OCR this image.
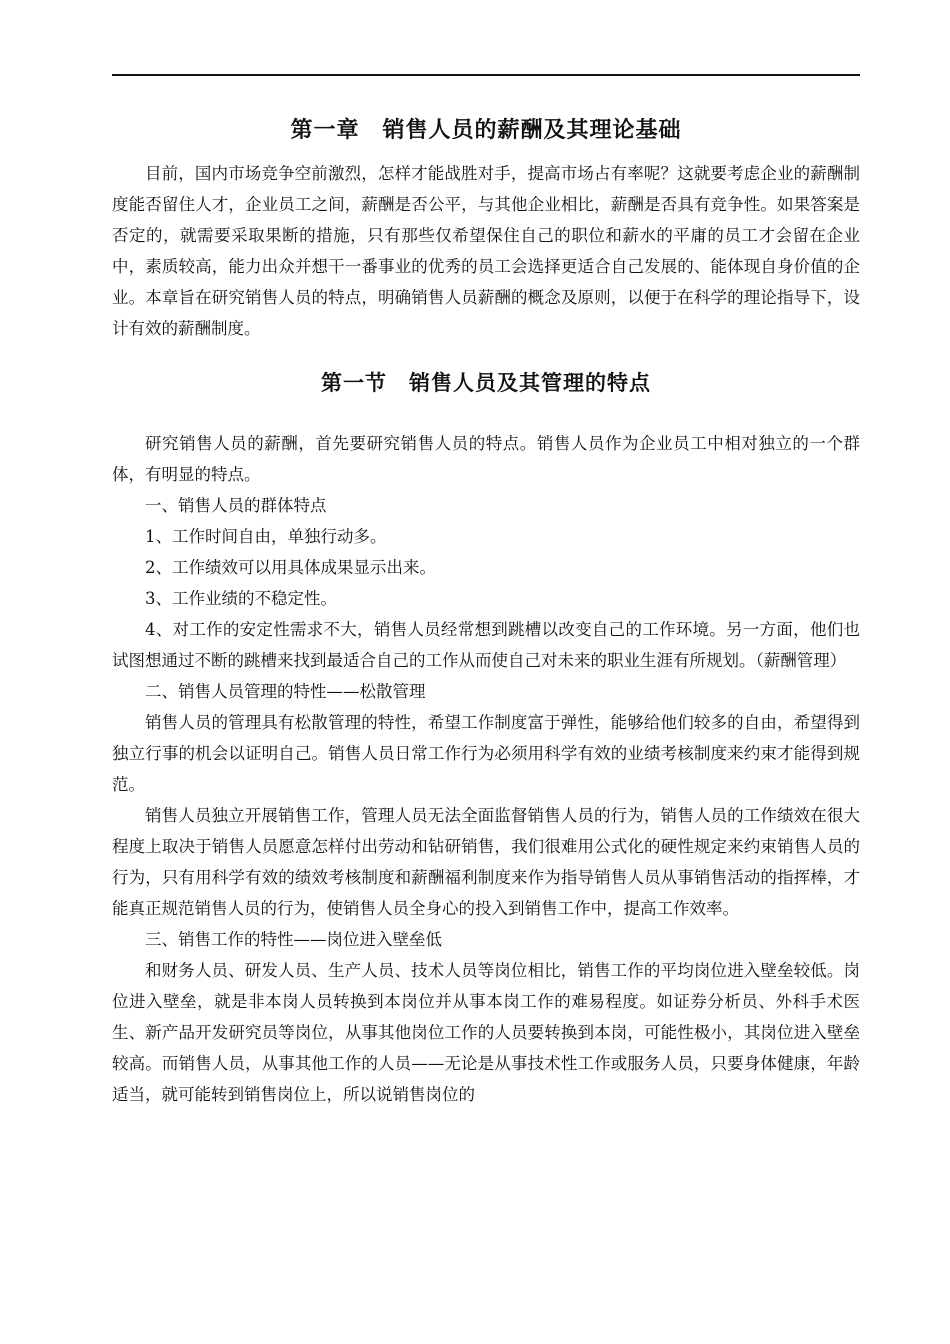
第一章　销售人员的薪酬及其理论基础

目前，国内市场竞争空前激烈，怎样才能战胜对手，提高市场占有率呢？这就要考虑企业的薪酬制度能否留住人才，企业员工之间，薪酬是否公平，与其他企业相比，薪酬是否具有竞争性。如果答案是否定的，就需要采取果断的措施，只有那些仅希望保住自己的职位和薪水的平庸的员工才会留在企业中，素质较高，能力出众并想干一番事业的优秀的员工会选择更适合自己发展的、能体现自身价值的企业。本章旨在研究销售人员的特点，明确销售人员薪酬的概念及原则，以便于在科学的理论指导下，设计有效的薪酬制度。

第一节　销售人员及其管理的特点

研究销售人员的薪酬，首先要研究销售人员的特点。销售人员作为企业员工中相对独立的一个群体，有明显的特点。

一、销售人员的群体特点

1、工作时间自由，单独行动多。

2、工作绩效可以用具体成果显示出来。

3、工作业绩的不稳定性。

4、对工作的安定性需求不大，销售人员经常想到跳槽以改变自己的工作环境。另一方面，他们也试图想通过不断的跳槽来找到最适合自己的工作从而使自己对未来的职业生涯有所规划。（薪酬管理）

二、销售人员管理的特性——松散管理

销售人员的管理具有松散管理的特性，希望工作制度富于弹性，能够给他们较多的自由，希望得到独立行事的机会以证明自己。销售人员日常工作行为必须用科学有效的业绩考核制度来约束才能得到规范。

销售人员独立开展销售工作，管理人员无法全面监督销售人员的行为，销售人员的工作绩效在很大程度上取决于销售人员愿意怎样付出劳动和钻研销售，我们很难用公式化的硬性规定来约束销售人员的行为，只有用科学有效的绩效考核制度和薪酬福利制度来作为指导销售人员从事销售活动的指挥棒，才能真正规范销售人员的行为，使销售人员全身心的投入到销售工作中，提高工作效率。

三、销售工作的特性——岗位进入壁垒低

和财务人员、研发人员、生产人员、技术人员等岗位相比，销售工作的平均岗位进入壁垒较低。岗位进入壁垒，就是非本岗人员转换到本岗位并从事本岗工作的难易程度。如证券分析员、外科手术医生、新产品开发研究员等岗位，从事其他岗位工作的人员要转换到本岗，可能性极小，其岗位进入壁垒较高。而销售人员，从事其他工作的人员——无论是从事技术性工作或服务人员，只要身体健康，年龄适当，就可能转到销售岗位上，所以说销售岗位的
